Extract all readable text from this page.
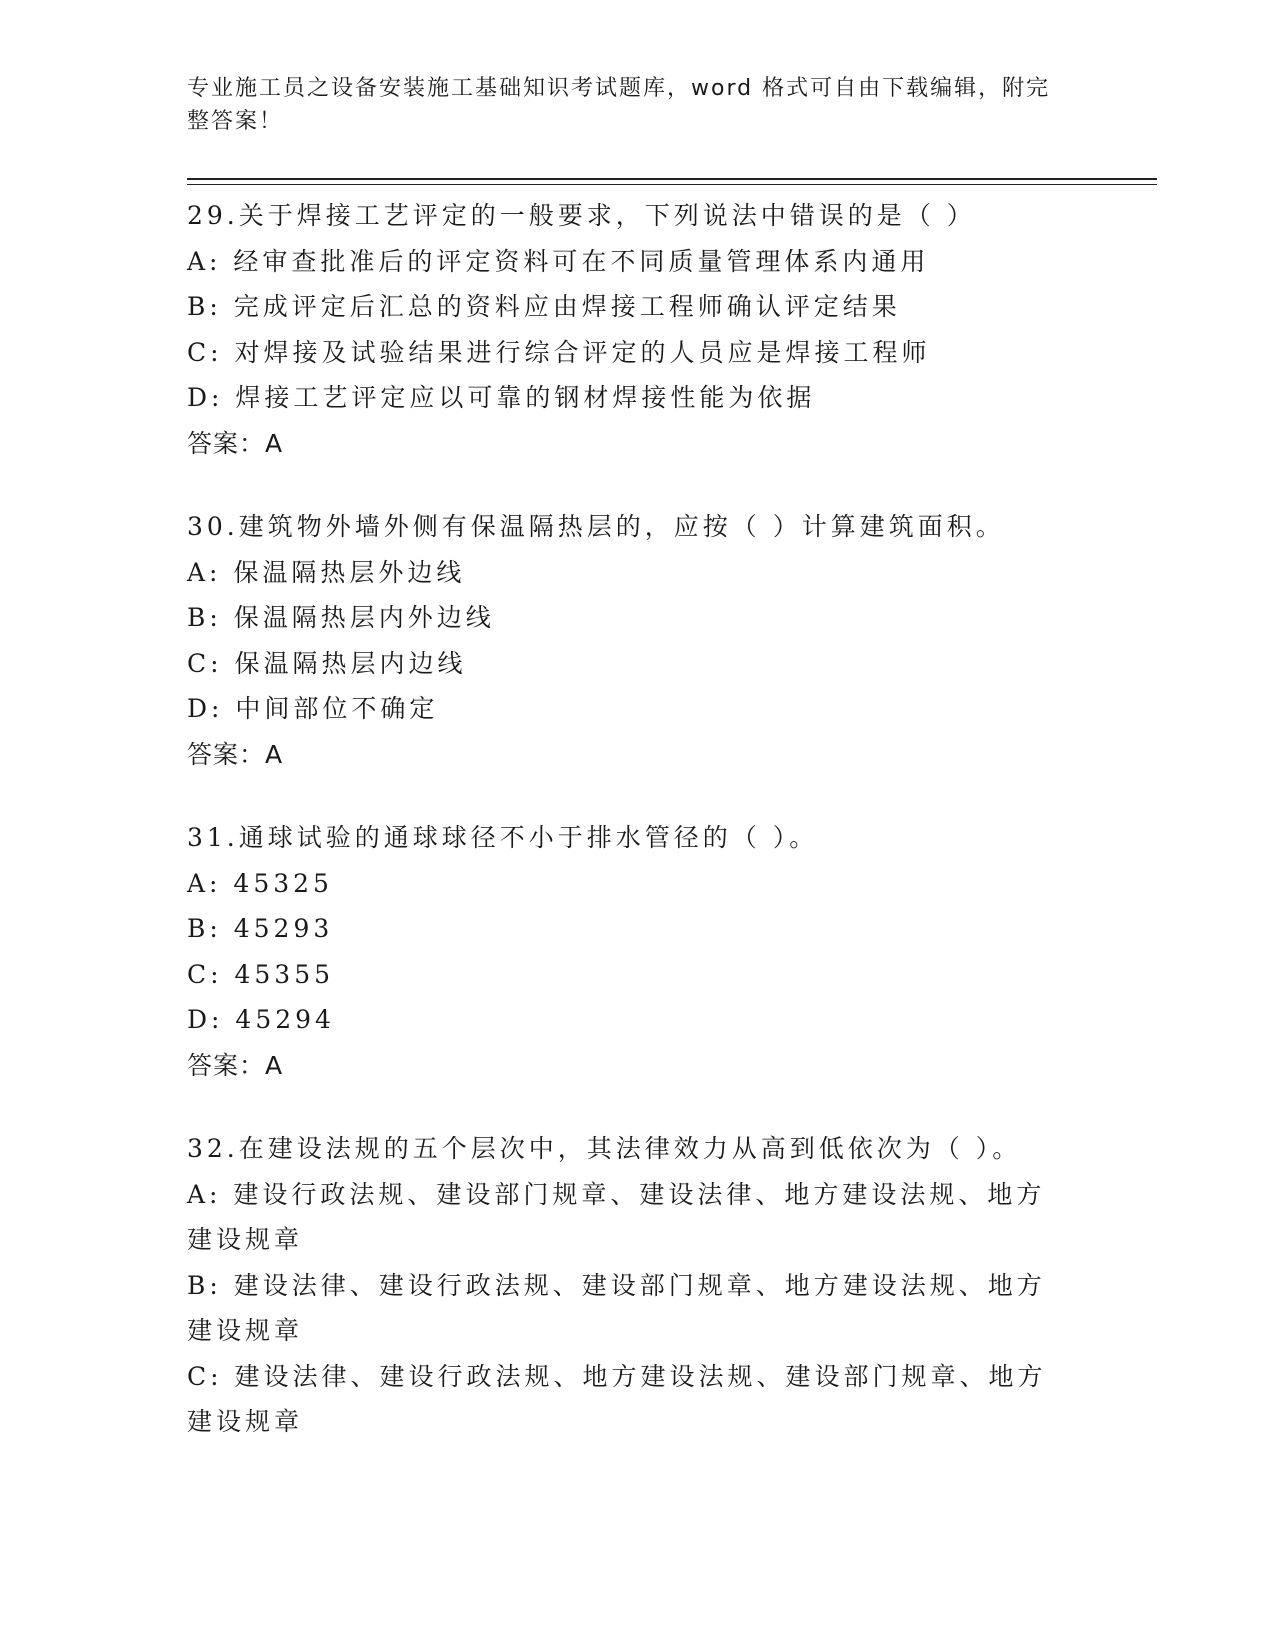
专业施工员之设备安装施工基础知识考试题库，word 格式可自由下载编辑，附完整答案！

29.关于焊接工艺评定的一般要求，下列说法中错误的是（ ）

A: 经审查批准后的评定资料可在不同质量管理体系内通用

B: 完成评定后汇总的资料应由焊接工程师确认评定结果

C: 对焊接及试验结果进行综合评定的人员应是焊接工程师

D: 焊接工艺评定应以可靠的钢材焊接性能为依据

答案：A

30.建筑物外墙外侧有保温隔热层的，应按（ ）计算建筑面积。

A: 保温隔热层外边线

B: 保温隔热层内外边线

C: 保温隔热层内边线

D: 中间部位不确定

答案：A

31.通球试验的通球球径不小于排水管径的（ ）。

A: 45325

B: 45293

C: 45355

D: 45294

答案：A

32.在建设法规的五个层次中，其法律效力从高到低依次为（ ）。

A: 建设行政法规、建设部门规章、建设法律、地方建设法规、地方建设规章

B: 建设法律、建设行政法规、建设部门规章、地方建设法规、地方建设规章

C: 建设法律、建设行政法规、地方建设法规、建设部门规章、地方建设规章
